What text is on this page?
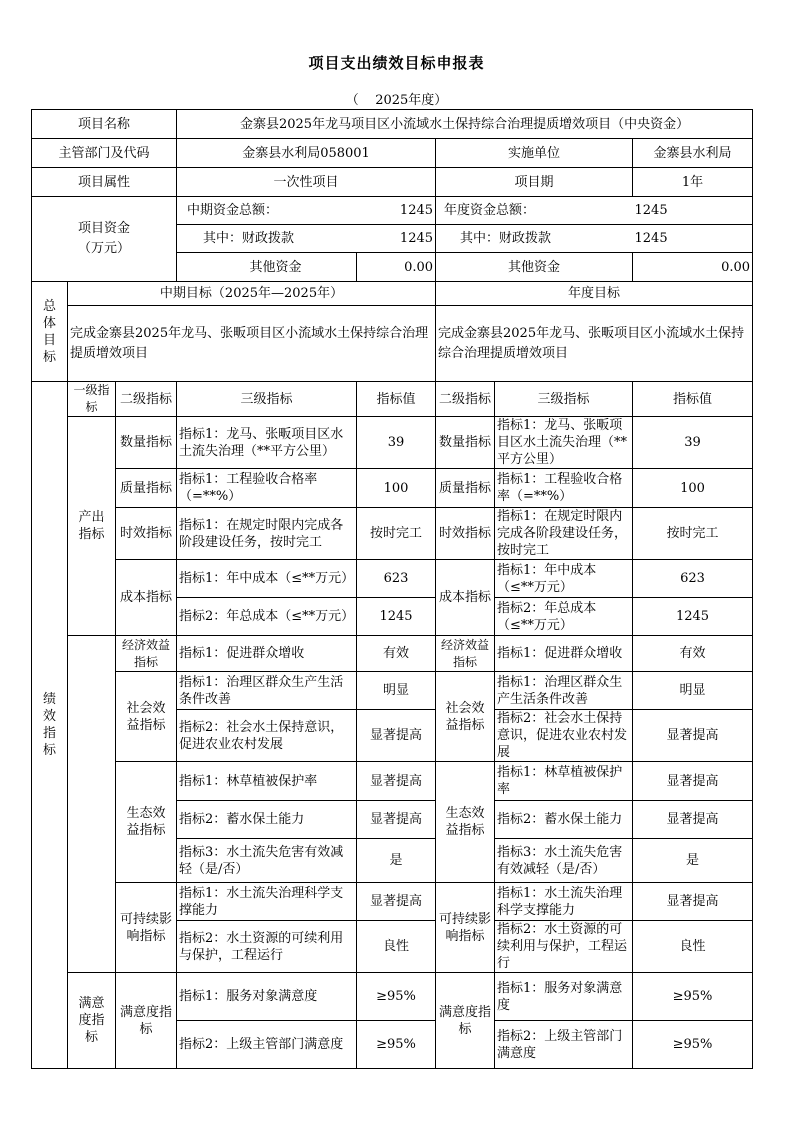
项目支出绩效目标申报表
（    2025年度）
项目名称			金寨县2025年龙马项目区小流域水土保持综合治理提质增效项目（中央资金）				
主管部门及代码			金寨县水利局058001		实施单位		金寨县水利局
项目属性			一次性项目		项目期		1年
项目资金
（万元）			中期资金总额：	1245	年度资金总额：		1245
			其中：财政拨款	1245	其中：财政拨款		1245
			其他资金	0.00	其他资金		0.00
总
体
目
标	中期目标（2025年—2025年）				年度目标		
	完成金寨县2025年龙马、张畈项目区小流域水土保持综合治理提质增效项目				完成金寨县2025年龙马、张畈项目区小流域水土保持综合治理提质增效项目		
绩
效
指
标	一级指标	二级指标	三级指标	指标值	二级指标	三级指标	指标值
	产出指标	数量指标	指标1：龙马、张畈项目区水土流失治理（**平方公里）	39	数量指标	指标1：龙马、张畈项目区水土流失治理（**平方公里）	39
		质量指标	指标1：工程验收合格率（=**%）	100	质量指标	指标1：工程验收合格率（=**%）	100
		时效指标	指标1：在规定时限内完成各阶段建设任务，按时完工	按时完工	时效指标	指标1：在规定时限内完成各阶段建设任务，按时完工	按时完工
		成本指标	指标1：年中成本（≤**万元）	623	成本指标	指标1：年中成本（≤**万元）	623
			指标2：年总成本（≤**万元）	1245		指标2：年总成本（≤**万元）	1245
		经济效益指标	指标1：促进群众增收	有效	经济效益指标	指标1：促进群众增收	有效
		社会效益指标	指标1：治理区群众生产生活条件改善	明显	社会效益指标	指标1：治理区群众生产生活条件改善	明显
			指标2：社会水土保持意识，促进农业农村发展	显著提高		指标2：社会水土保持意识，促进农业农村发展	显著提高
		生态效益指标	指标1：林草植被保护率	显著提高	生态效益指标	指标1：林草植被保护率	显著提高
			指标2：蓄水保土能力	显著提高		指标2：蓄水保土能力	显著提高
			指标3：水土流失危害有效减轻（是/否）	是		指标3：水土流失危害有效减轻（是/否）	是
		可持续影响指标	指标1：水土流失治理科学支撑能力	显著提高	可持续影响指标	指标1：水土流失治理科学支撑能力	显著提高
			指标2：水土资源的可续利用与保护，工程运行	良性		指标2：水土资源的可续利用与保护，工程运行	良性
	满意度指标	满意度指标	指标1：服务对象满意度	≥95%	满意度指标	指标1：服务对象满意度	≥95%
			指标2：上级主管部门满意度	≥95%		指标2：上级主管部门满意度	≥95%
